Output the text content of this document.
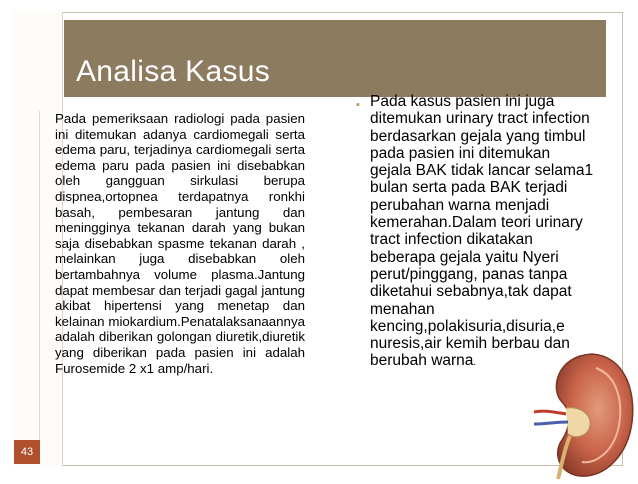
Analisa Kasus
Pada pemeriksaan radiologi pada pasien ini ditemukan adanya cardiomegali serta edema paru, terjadinya cardiomegali serta edema paru pada pasien ini disebabkan oleh gangguan sirkulasi berupa dispnea,ortopnea terdapatnya ronkhi basah, pembesaran jantung dan meningginya tekanan darah yang bukan saja disebabkan spasme tekanan darah , melainkan juga disebabkan oleh bertambahnya volume plasma.Jantung dapat membesar dan terjadi gagal jantung akibat hipertensi yang menetap dan kelainan miokardium.Penatalaksanaannya adalah diberikan golongan diuretik,diuretik yang diberikan pada pasien ini adalah Furosemide 2 x1 amp/hari.
▪ Pada kasus pasien ini juga ditemukan urinary tract infection berdasarkan gejala yang timbul pada pasien ini ditemukan gejala BAK tidak lancar selama1 bulan serta pada BAK terjadi perubahan warna menjadi kemerahan.Dalam teori urinary tract infection dikatakan beberapa gejala yaitu Nyeri perut/pinggang, panas tanpa diketahui sebabnya,tak dapat menahan kencing,polakisuria,disuria,e nuresis,air kemih berbau dan berubah warna.
43
